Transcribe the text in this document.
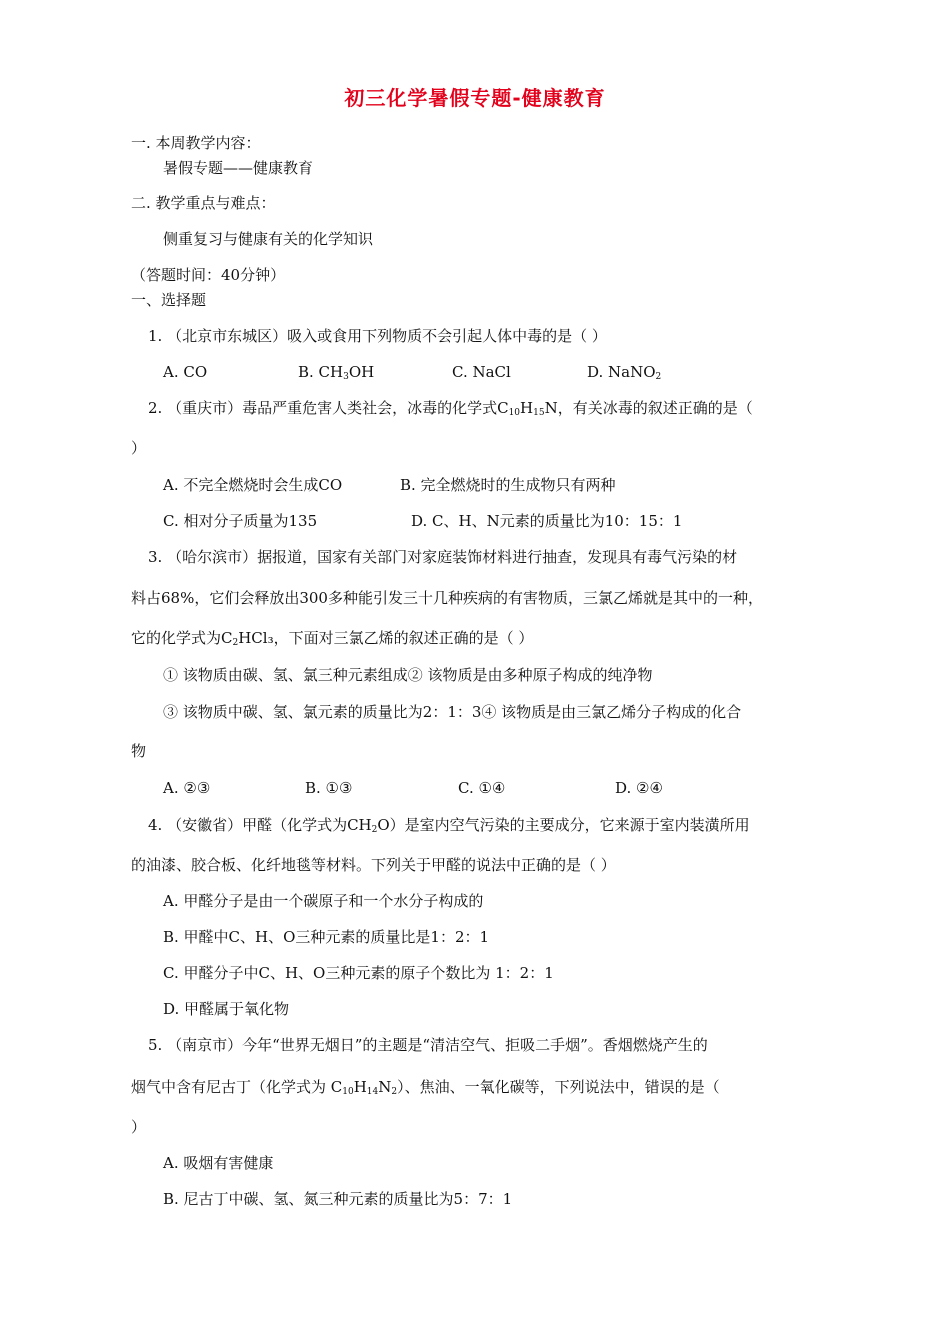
初三化学暑假专题-健康教育
一. 本周教学内容：
暑假专题——健康教育
二. 教学重点与难点：
侧重复习与健康有关的化学知识
（答题时间：40分钟）
一、选择题
1. （北京市东城区）吸入或食用下列物质不会引起人体中毒的是（ ）
A. CO	B. $CH_3OH$	C. NaCl	D. NaNO$_2$
2. （重庆市）毒品严重危害人类社会，冰毒的化学式$C_{10}H_{15}N$，有关冰毒的叙述正确的是（
）
A. 不完全燃烧时会生成CO	B. 完全燃烧时的生成物只有两种
C. 相对分子质量为135	D. C、H、N元素的质量比为10：15：1
3. （哈尔滨市）据报道，国家有关部门对家庭装饰材料进行抽查，发现具有毒气污染的材
料占68%，它们会释放出300多种能引发三十几种疾病的有害物质，三氯乙烯就是其中的一种，
它的化学式为$C_2HCl_3$，下面对三氯乙烯的叙述正确的是（ ）
① 该物质由碳、氢、氯三种元素组成② 该物质是由多种原子构成的纯净物
③ 该物质中碳、氢、氯元素的质量比为2：1：3④ 该物质是由三氯乙烯分子构成的化合
物
A. ②③	B. ①③	C. ①④	D. ②④
4. （安徽省）甲醛（化学式为$CH_2O$）是室内空气污染的主要成分，它来源于室内装潢所用
的油漆、胶合板、化纤地毯等材料。下列关于甲醛的说法中正确的是（ ）
A. 甲醛分子是由一个碳原子和一个水分子构成的
B. 甲醛中C、H、O三种元素的质量比是1：2：1
C. 甲醛分子中C、H、O三种元素的原子个数比为 1：2：1
D. 甲醛属于氧化物
5. （南京市）今年“世界无烟日”的主题是“清洁空气、拒吸二手烟”。香烟燃烧产生的
烟气中含有尼古丁（化学式为 $C_{10}H_{14}N_2$）、焦油、一氧化碳等，下列说法中，错误的是（
）
A. 吸烟有害健康
B. 尼古丁中碳、氢、氮三种元素的质量比为5：7：1
